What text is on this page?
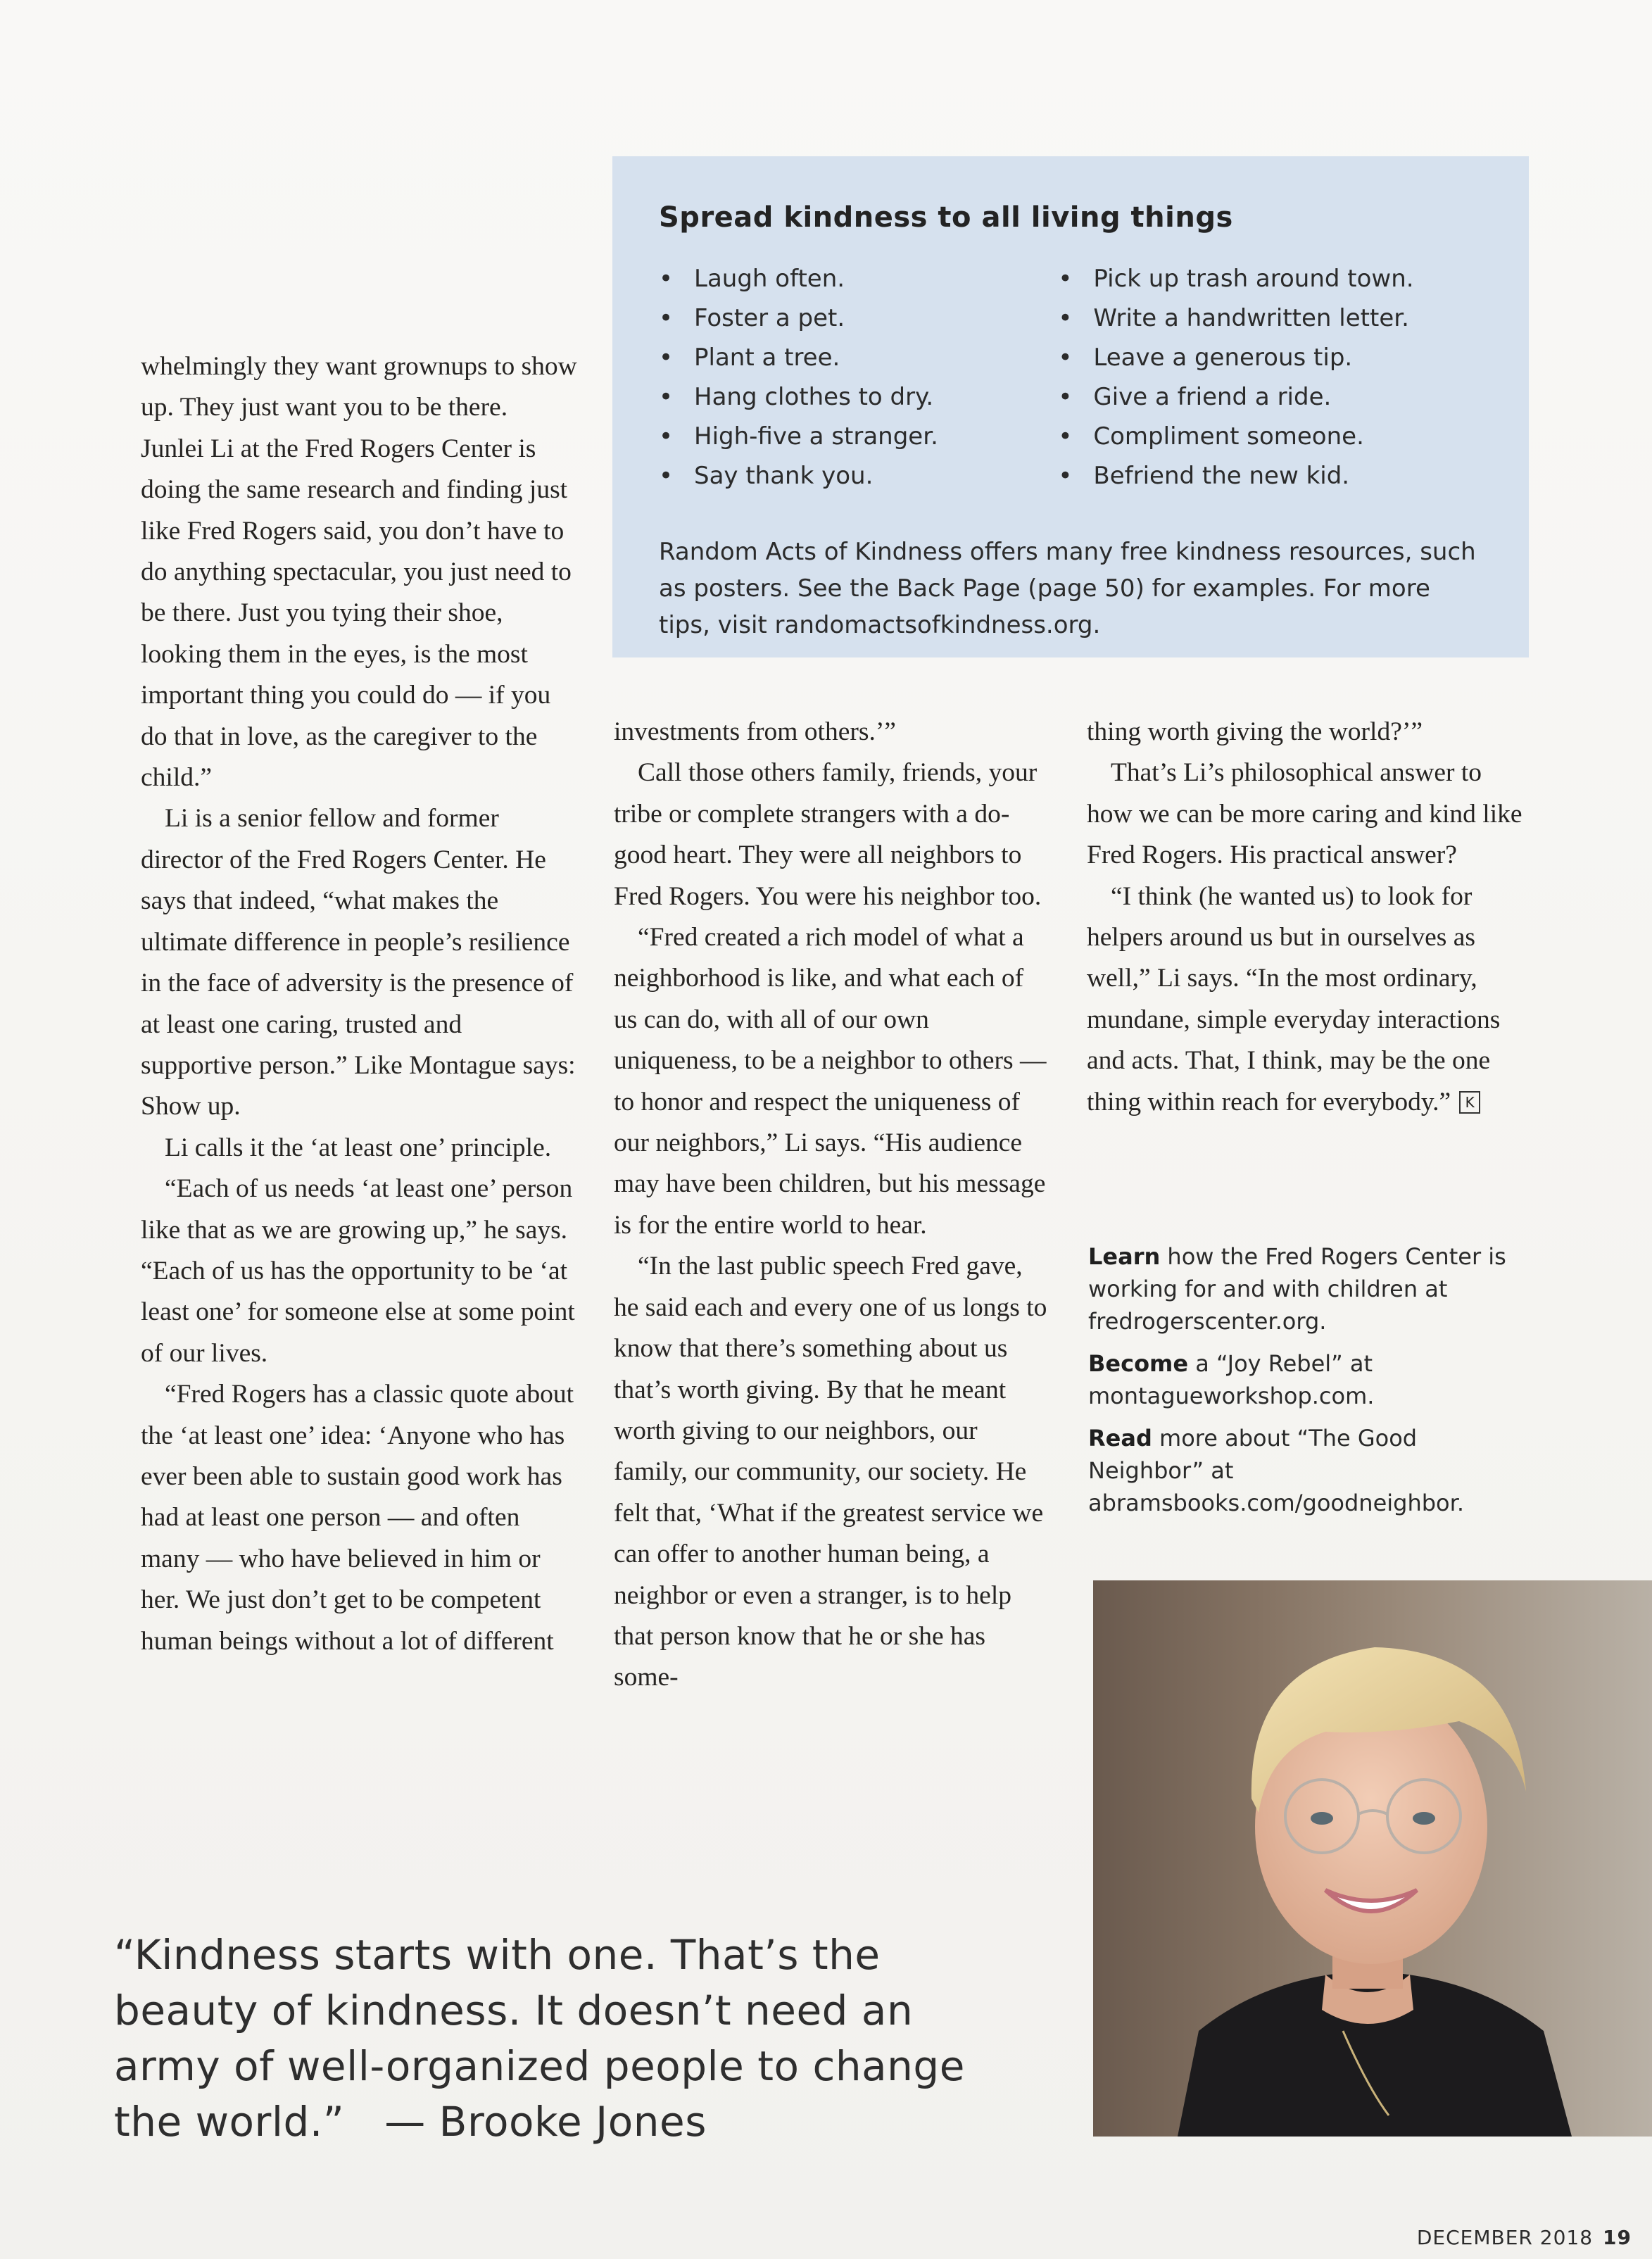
Spread kindness to all living things
• Laugh often.
• Foster a pet.
• Plant a tree.
• Hang clothes to dry.
• High-five a stranger.
• Say thank you.
• Pick up trash around town.
• Write a handwritten letter.
• Leave a generous tip.
• Give a friend a ride.
• Compliment someone.
• Befriend the new kid.
Random Acts of Kindness offers many free kindness resources, such as posters. See the Back Page (page 50) for examples. For more tips, visit randomactsofkindness.org.

whelmingly they want grownups to show up. They just want you to be there. Junlei Li at the Fred Rogers Center is doing the same research and finding just like Fred Rogers said, you don’t have to do anything spectacular, you just need to be there. Just you tying their shoe, looking them in the eyes, is the most important thing you could do — if you do that in love, as the caregiver to the child.”

Li is a senior fellow and former director of the Fred Rogers Center. He says that indeed, “what makes the ultimate difference in people’s resilience in the face of adversity is the presence of at least one caring, trusted and supportive person.” Like Montague says: Show up.

Li calls it the ‘at least one’ principle.

“Each of us needs ‘at least one’ person like that as we are growing up,” he says. “Each of us has the opportunity to be ‘at least one’ for someone else at some point of our lives.

“Fred Rogers has a classic quote about the ‘at least one’ idea: ‘Anyone who has ever been able to sustain good work has had at least one person — and often many — who have believed in him or her. We just don’t get to be competent human beings without a lot of different

investments from others.’”

Call those others family, friends, your tribe or complete strangers with a do-good heart. They were all neighbors to Fred Rogers. You were his neighbor too.

“Fred created a rich model of what a neighborhood is like, and what each of us can do, with all of our own uniqueness, to be a neighbor to others — to honor and respect the uniqueness of our neighbors,” Li says. “His audience may have been children, but his message is for the entire world to hear.

“In the last public speech Fred gave, he said each and every one of us longs to know that there’s something about us that’s worth giving. By that he meant worth giving to our neighbors, our family, our community, our society. He felt that, ‘What if the greatest service we can offer to another human being, a neighbor or even a stranger, is to help that person know that he or she has some-

thing worth giving the world?’”

That’s Li’s philosophical answer to how we can be more caring and kind like Fred Rogers. His practical answer?

“I think (he wanted us) to look for helpers around us but in ourselves as well,” Li says. “In the most ordinary, mundane, simple everyday interactions and acts. That, I think, may be the one thing within reach for everybody.” K

Learn how the Fred Rogers Center is working for and with children at fredrogerscenter.org.

Become a “Joy Rebel” at montagueworkshop.com.

Read more about “The Good Neighbor” at abramsbooks.com/goodneighbor.

“Kindness starts with one. That’s the beauty of kindness. It doesn’t need an army of well-organized people to change the world.” — Brooke Jones
DECEMBER 2018 19
